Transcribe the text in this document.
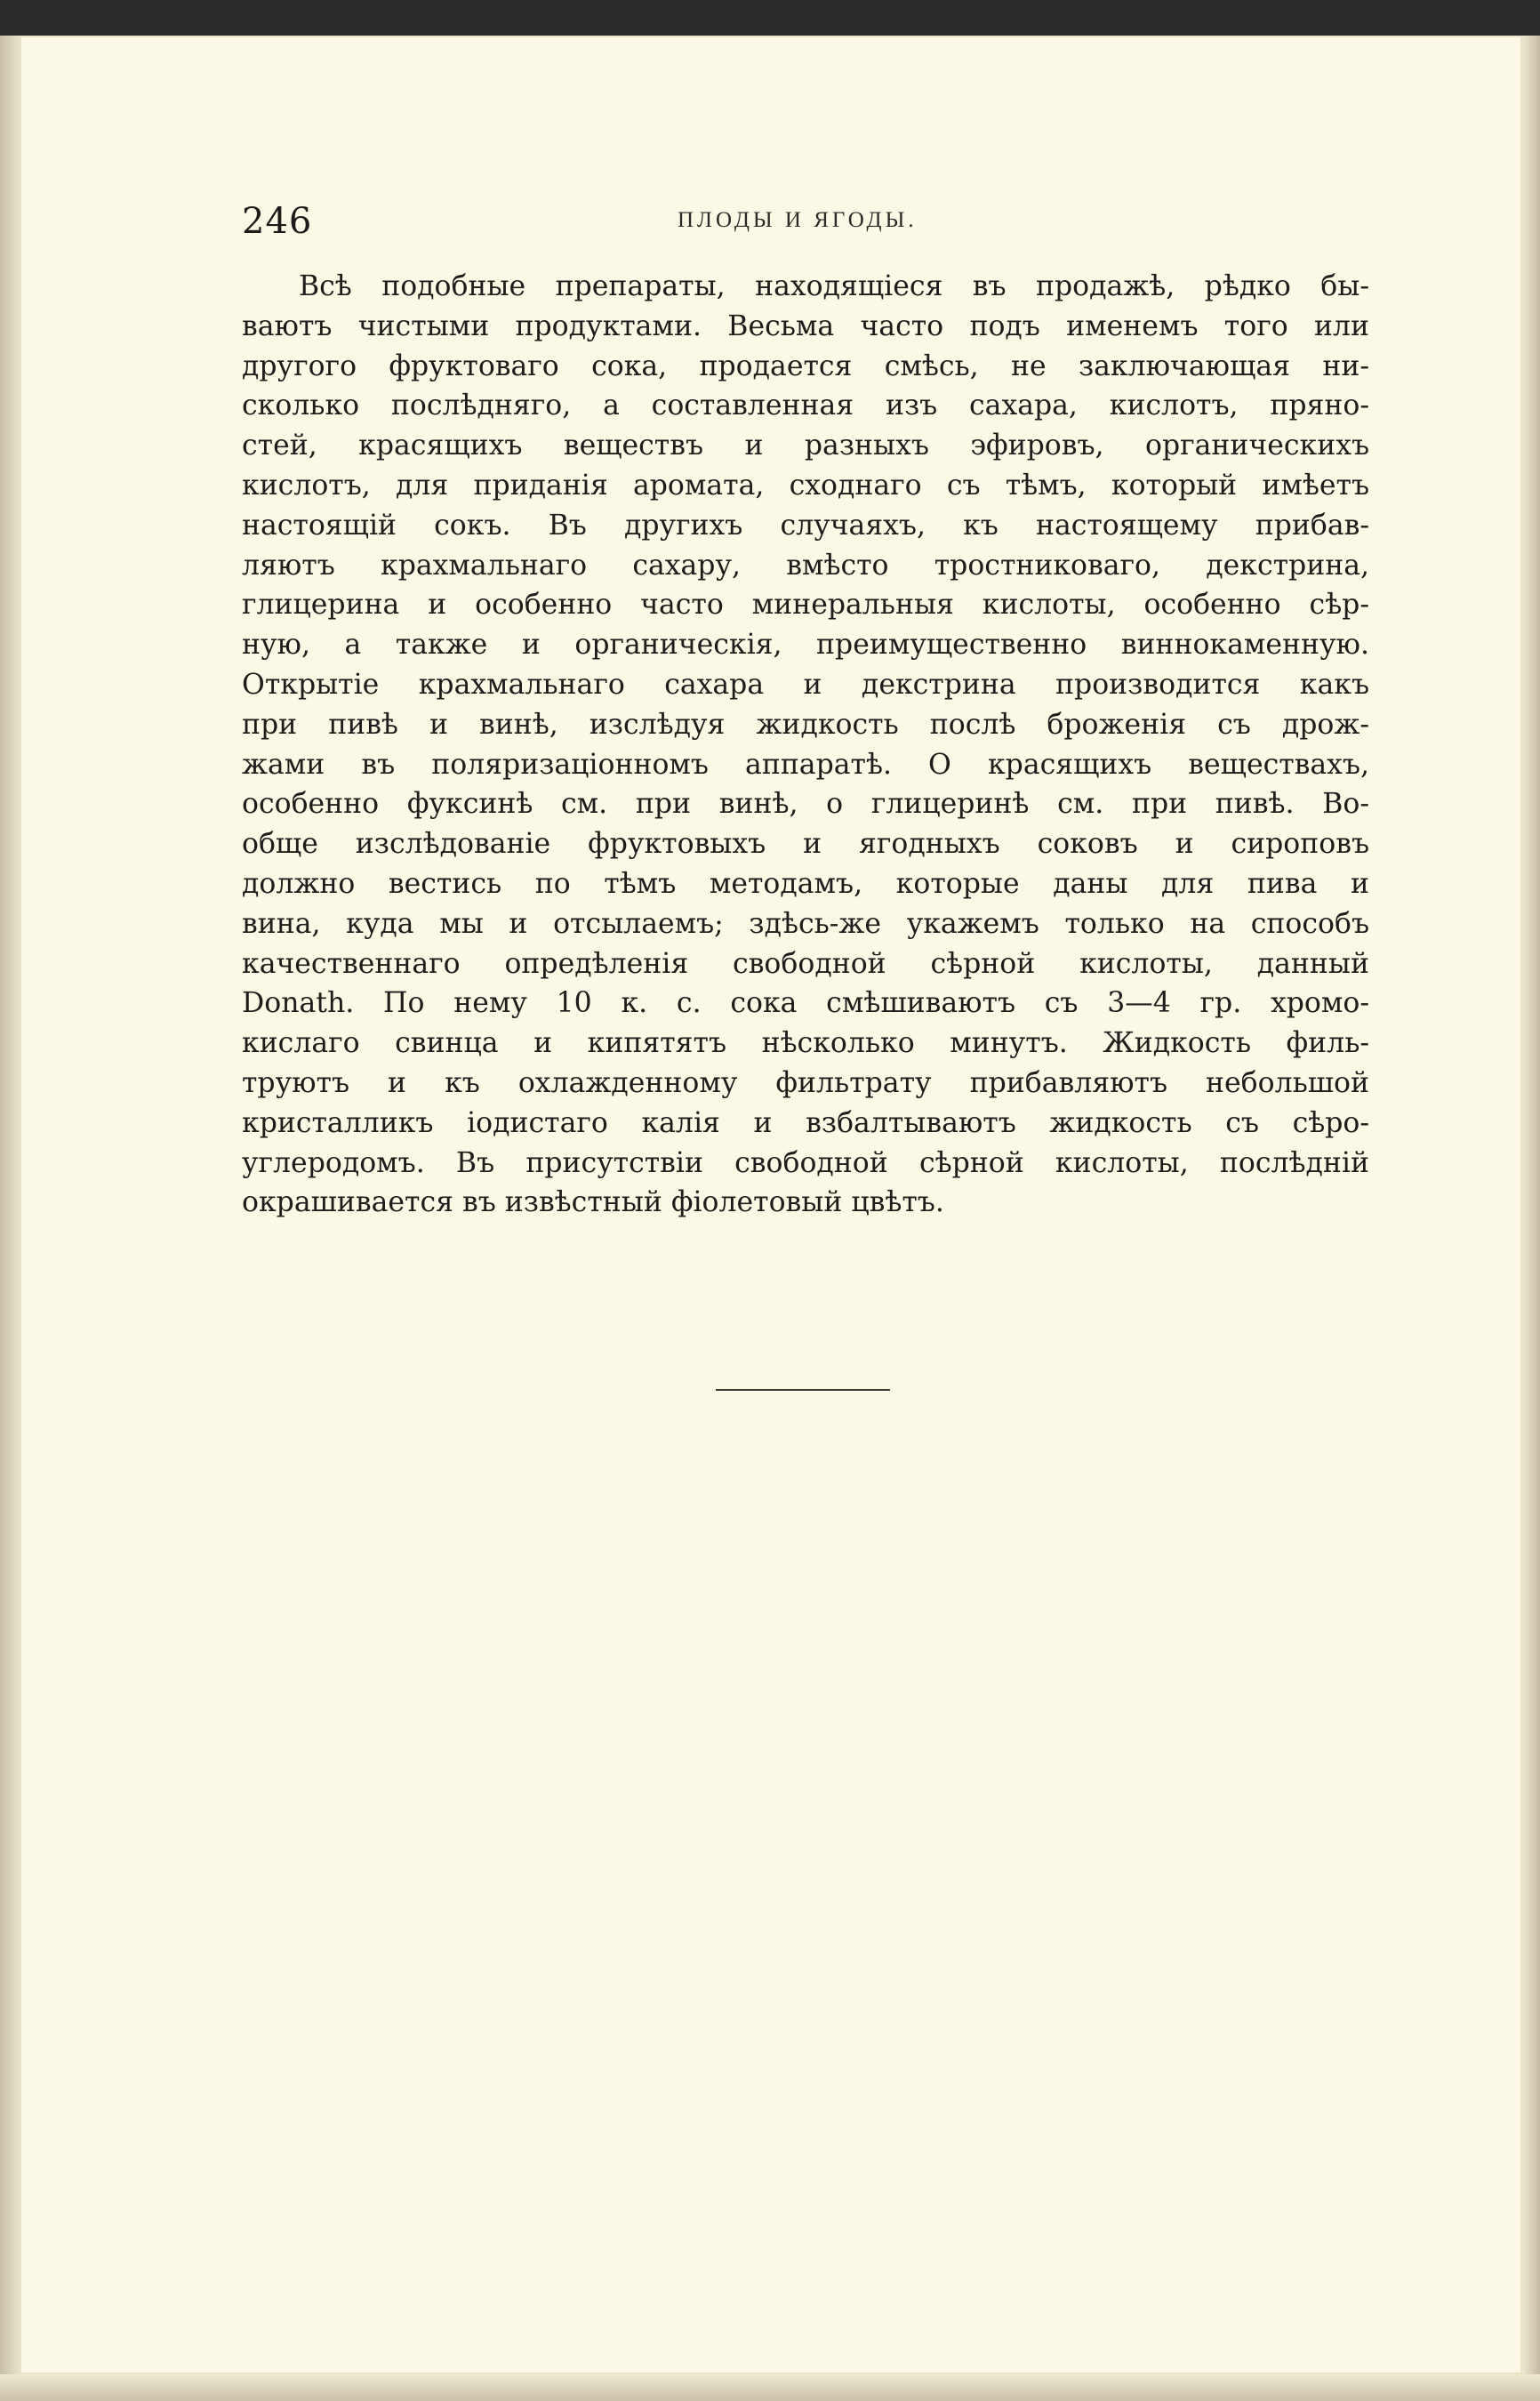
246	ПЛОДЫ И ЯГОДЫ.
Всѣ подобные препараты, находящіеся въ продажѣ, рѣдко бы-
ваютъ чистыми продуктами. Весьма часто подъ именемъ того или
другого фруктоваго сока, продается смѣсь, не заключающая ни-
сколько послѣдняго, а составленная изъ сахара, кислотъ, пряно-
стей, красящихъ веществъ и разныхъ эфировъ, органическихъ
кислотъ, для приданія аромата, сходнаго съ тѣмъ, который имѣетъ
настоящій сокъ. Въ другихъ случаяхъ, къ настоящему прибав-
ляютъ крахмальнаго сахару, вмѣсто тростниковаго, декстрина,
глицерина и особенно часто минеральныя кислоты, особенно сѣр-
ную, а также и органическія, преимущественно виннокаменную.
Открытіе крахмальнаго сахара и декстрина производится какъ
при пивѣ и винѣ, изслѣдуя жидкость послѣ броженія съ дрож-
жами въ поляризаціонномъ аппаратѣ. О красящихъ веществахъ,
особенно фуксинѣ см. при винѣ, о глицеринѣ см. при пивѣ. Во-
обще изслѣдованіе фруктовыхъ и ягодныхъ соковъ и сироповъ
должно вестись по тѣмъ методамъ, которые даны для пива и
вина, куда мы и отсылаемъ; здѣсь-же укажемъ только на способъ
качественнаго опредѣленія свободной сѣрной кислоты, данный
Donath. По нему 10 к. с. сока смѣшиваютъ съ 3—4 гр. хромо-
кислаго свинца и кипятятъ нѣсколько минутъ. Жидкость филь-
труютъ и къ охлажденному фильтрату прибавляютъ небольшой
кристалликъ іодистаго калія и взбалтываютъ жидкость съ сѣро-
углеродомъ. Въ присутствіи свободной сѣрной кислоты, послѣдній
окрашивается въ извѣстный фіолетовый цвѣтъ.
